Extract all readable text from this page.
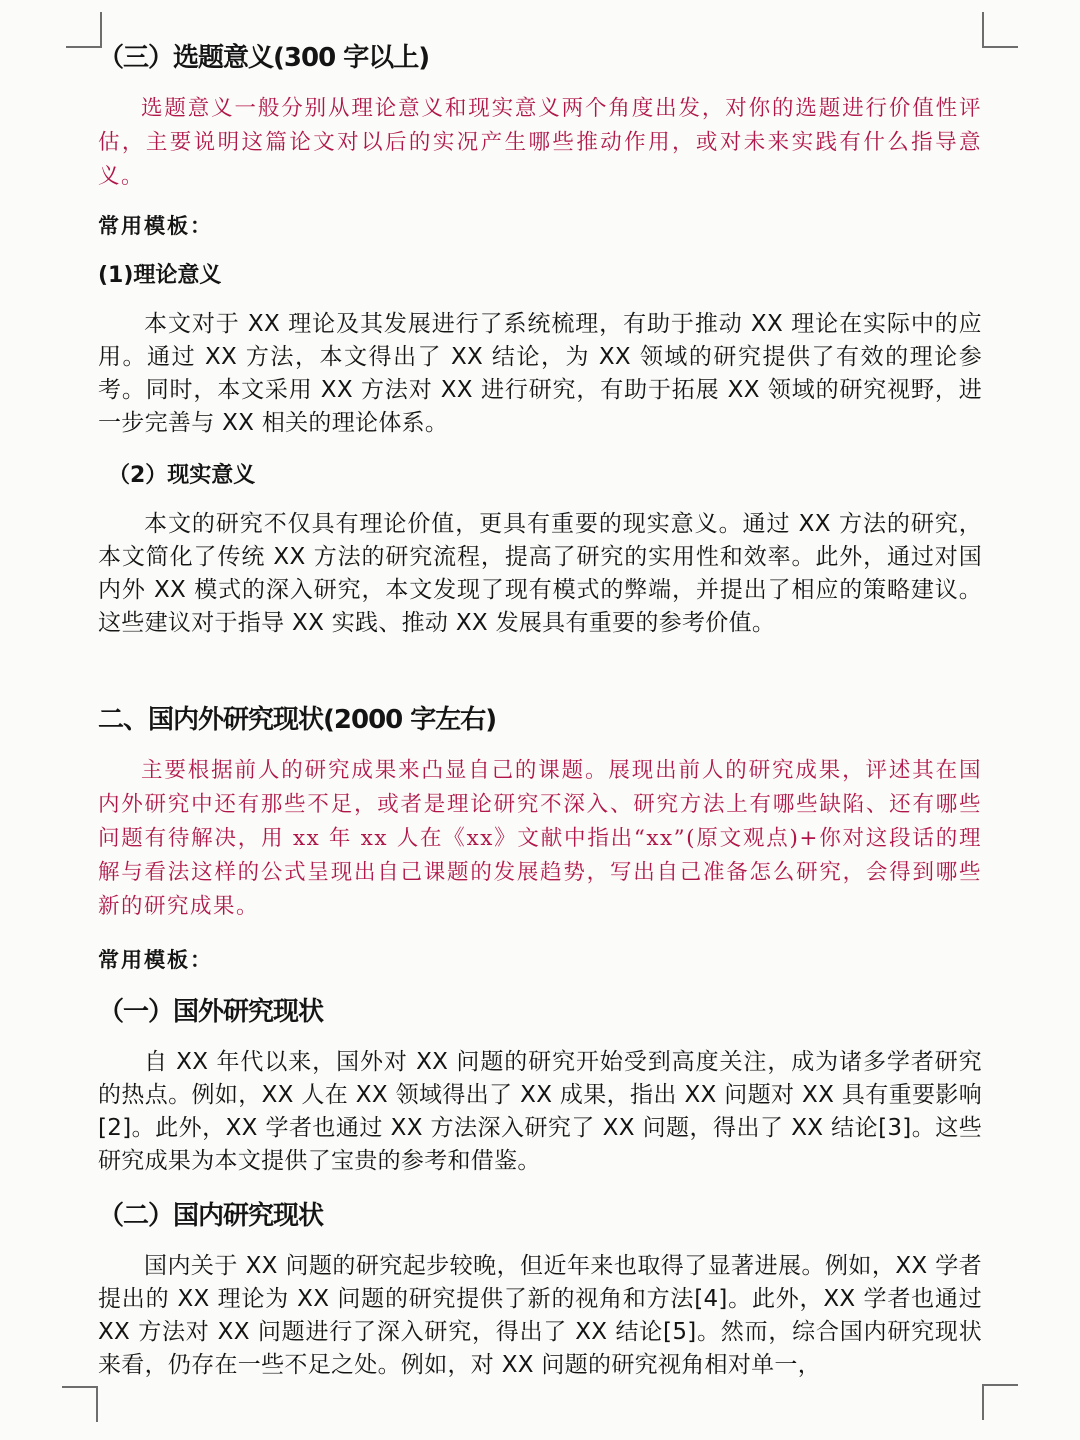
（三）选题意义(300 字以上)

选题意义一般分别从理论意义和现实意义两个角度出发，对你的选题进行价值性评估，主要说明这篇论文对以后的实况产生哪些推动作用，或对未来实践有什么指导意义。

常用模板：

(1)理论意义

本文对于 XX 理论及其发展进行了系统梳理，有助于推动 XX 理论在实际中的应用。通过 XX 方法，本文得出了 XX 结论，为 XX 领域的研究提供了有效的理论参考。同时，本文采用 XX 方法对 XX 进行研究，有助于拓展 XX 领域的研究视野，进一步完善与 XX 相关的理论体系。

（2）现实意义

本文的研究不仅具有理论价值，更具有重要的现实意义。通过 XX 方法的研究，本文简化了传统 XX 方法的研究流程，提高了研究的实用性和效率。此外，通过对国内外 XX 模式的深入研究，本文发现了现有模式的弊端，并提出了相应的策略建议。这些建议对于指导 XX 实践、推动 XX 发展具有重要的参考价值。

二、国内外研究现状(2000 字左右)

主要根据前人的研究成果来凸显自己的课题。展现出前人的研究成果，评述其在国内外研究中还有那些不足，或者是理论研究不深入、研究方法上有哪些缺陷、还有哪些问题有待解决，用 xx 年 xx 人在《xx》文献中指出“xx”(原文观点)+你对这段话的理解与看法这样的公式呈现出自己课题的发展趋势，写出自己准备怎么研究，会得到哪些新的研究成果。

常用模板：

（一）国外研究现状

自 XX 年代以来，国外对 XX 问题的研究开始受到高度关注，成为诸多学者研究的热点。例如，XX 人在 XX 领域得出了 XX 成果，指出 XX 问题对 XX 具有重要影响[2]。此外，XX 学者也通过 XX 方法深入研究了 XX 问题，得出了 XX 结论[3]。这些研究成果为本文提供了宝贵的参考和借鉴。

（二）国内研究现状

国内关于 XX 问题的研究起步较晚，但近年来也取得了显著进展。例如，XX 学者提出的 XX 理论为 XX 问题的研究提供了新的视角和方法[4]。此外，XX 学者也通过 XX 方法对 XX 问题进行了深入研究，得出了 XX 结论[5]。然而，综合国内研究现状来看，仍存在一些不足之处。例如，对 XX 问题的研究视角相对单一，
